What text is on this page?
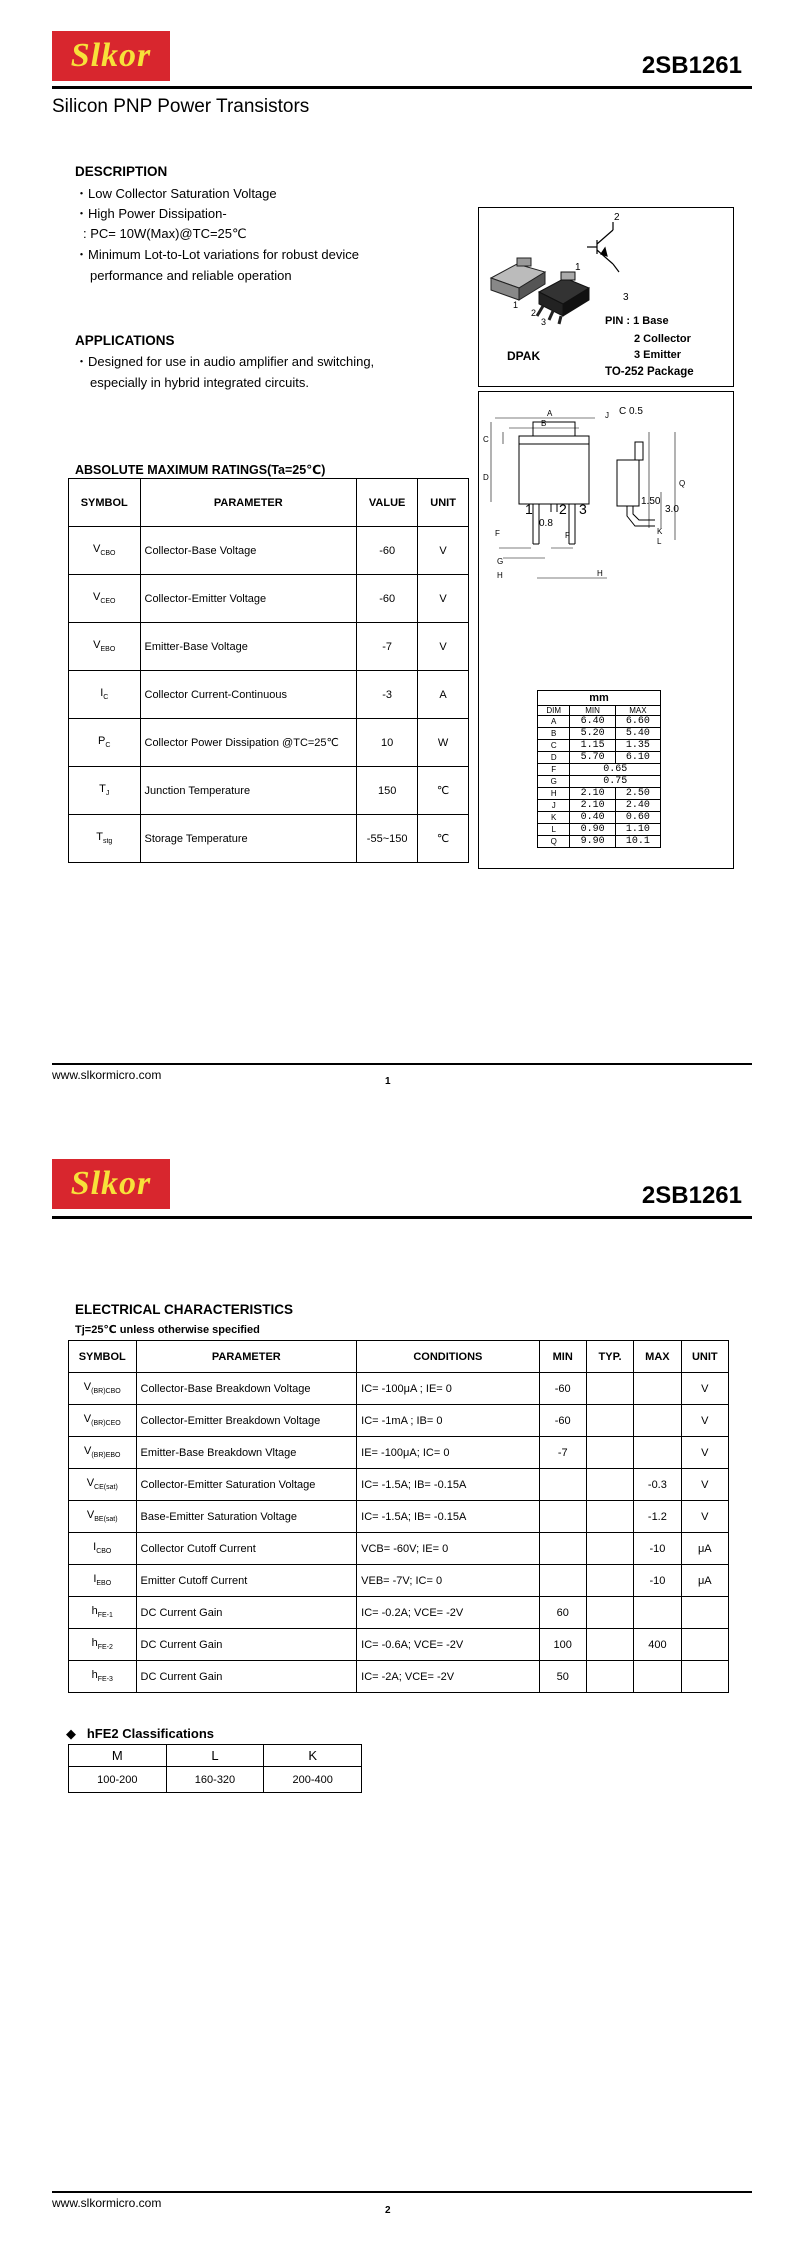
Slkor	2SB1261
Silicon PNP Power Transistors
DESCRIPTION
・Low Collector Saturation Voltage
・High Power Dissipation-
: PC= 10W(Max)@TC=25℃
・Minimum Lot-to-Lot variations for robust device
performance and reliable operation
APPLICATIONS
・Designed for use in audio amplifier and switching,
especially in hybrid integrated circuits.
1
2
3
DPAK
2
1
3
PIN : 1 Base
2 Collector
3 Emitter
TO-252 Package
A
B
C
D
F
G
H
J
K
L
Q
F
H
C 0.5
0.8
1.50
3.0
1 2 3
mm		
DIM	MIN	MAX
A	6.40	6.60
B	5.20	5.40
C	1.15	1.35
D	5.70	6.10
F	0.65	
G	0.75	
H	2.10	2.50
J	2.10	2.40
K	0.40	0.60
L	0.90	1.10
Q	9.90	10.1
ABSOLUTE MAXIMUM RATINGS(Ta=25℃)
SYMBOL	PARAMETER	VALUE	UNIT
$V_{CBO}$	Collector-Base Voltage	-60	V
$V_{CEO}$	Collector-Emitter Voltage	-60	V
$V_{EBO}$	Emitter-Base Voltage	-7	V
$I_C$	Collector Current-Continuous	-3	A
$P_C$	Collector Power Dissipation @TC=25℃	10	W
$T_J$	Junction Temperature	150	℃
$T_{stg}$	Storage Temperature	-55~150	℃
www.slkormicro.com	1
Slkor	2SB1261
ELECTRICAL CHARACTERISTICS
Tj=25℃ unless otherwise specified
SYMBOL	PARAMETER	CONDITIONS	MIN	TYP.	MAX	UNIT
$V_{(BR)CBO}$	Collector-Base Breakdown Voltage	IC= -100μA ; IE= 0	-60			V
$V_{(BR)CEO}$	Collector-Emitter Breakdown Voltage	IC= -1mA ; IB= 0	-60			V
$V_{(BR)EBO}$	Emitter-Base Breakdown Vltage	IE= -100μA; IC= 0	-7			V
$V_{CE(sat)}$	Collector-Emitter Saturation Voltage	IC= -1.5A; IB= -0.15A			-0.3	V
$V_{BE(sat)}$	Base-Emitter Saturation Voltage	IC= -1.5A; IB= -0.15A			-1.2	V
$I_{CBO}$	Collector Cutoff Current	VCB= -60V; IE= 0			-10	μA
$I_{EBO}$	Emitter Cutoff Current	VEB= -7V; IC= 0			-10	μA
$h_{FE-1}$	DC Current Gain	IC= -0.2A; VCE= -2V	60			
$h_{FE-2}$	DC Current Gain	IC= -0.6A; VCE= -2V	100		400	
$h_{FE-3}$	DC Current Gain	IC= -2A; VCE= -2V	50			
◆ hFE2 Classifications
M	L	K
100-200	160-320	200-400
www.slkormicro.com
2
